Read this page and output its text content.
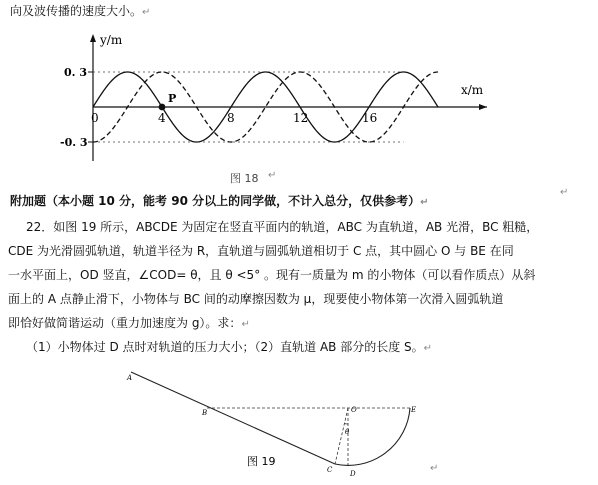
向及波传播的速度大小。↵
0. 3
-0. 3
0	4	8	12	16
y/m
x/m
P
图 18 ↵
附加题（本小题 10 分，能考 90 分以上的同学做，不计入总分，仅供参考）↵
↵
22．如图 19 所示，ABCDE 为固定在竖直平面内的轨道，ABC 为直轨道，AB 光滑，BC 粗糙，
CDE 为光滑圆弧轨道，轨道半径为 R，直轨道与圆弧轨道相切于 C 点，其中圆心 O 与 BE 在同
一水平面上，OD 竖直，∠COD= θ，且 θ <5° 。现有一质量为 m 的小物体（可以看作质点）从斜
面上的 A 点静止滑下，小物体与 BC 间的动摩擦因数为 μ，现要使小物体第一次滑入圆弧轨道
即恰好做简谐运动（重力加速度为 g）。求：↵
（1）小物体过 D 点时对轨道的压力大小；（2）直轨道 AB 部分的长度 S。↵
A
B	O	E
C	D
θ
图 19
↵
